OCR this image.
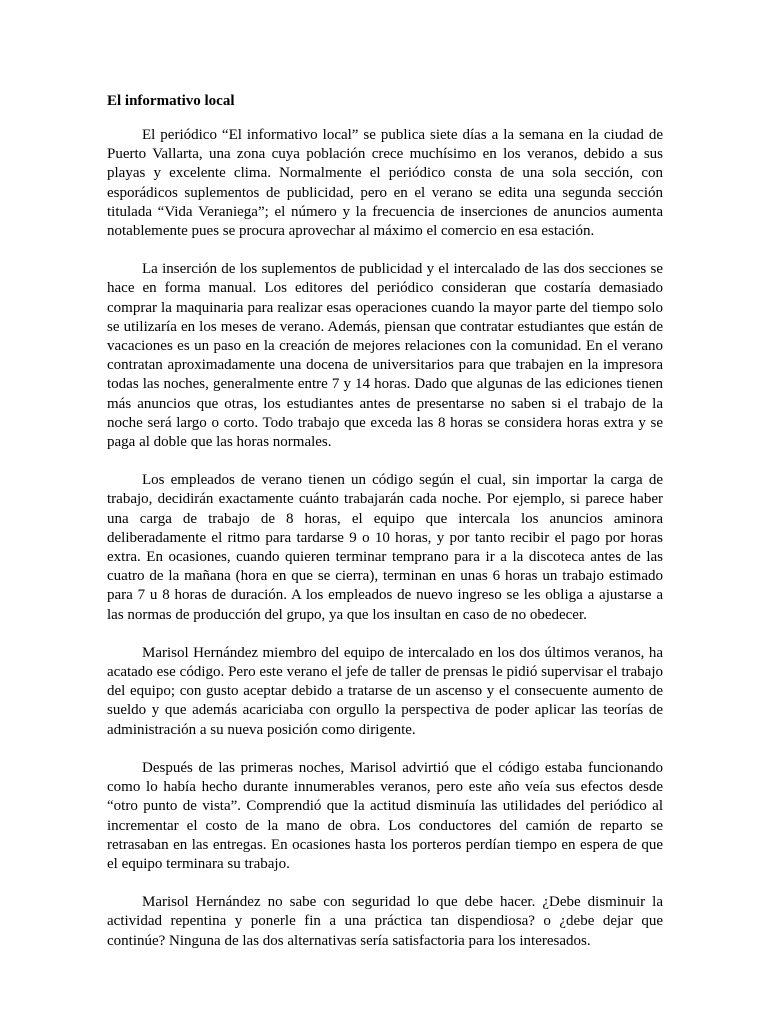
El informativo local

El periódico “El informativo local” se publica siete días a la semana en la ciudad de Puerto Vallarta, una zona cuya población crece muchísimo en los veranos, debido a sus playas y excelente clima. Normalmente el periódico consta de una sola sección, con esporádicos suplementos de publicidad, pero en el verano se edita una segunda sección titulada “Vida Veraniega”; el número y la frecuencia de inserciones de anuncios aumenta notablemente pues se procura aprovechar al máximo el comercio en esa estación.

La inserción de los suplementos de publicidad y el intercalado de las dos secciones se hace en forma manual. Los editores del periódico consideran que costaría demasiado comprar la maquinaria para realizar esas operaciones cuando la mayor parte del tiempo solo se utilizaría en los meses de verano. Además, piensan que contratar estudiantes que están de vacaciones es un paso en la creación de mejores relaciones con la comunidad. En el verano contratan aproximadamente una docena de universitarios para que trabajen en la impresora todas las noches, generalmente entre 7 y 14 horas. Dado que algunas de las ediciones tienen más anuncios que otras, los estudiantes antes de presentarse no saben si el trabajo de la noche será largo o corto. Todo trabajo que exceda las 8 horas se considera horas extra y se paga al doble que las horas normales.

Los empleados de verano tienen un código según el cual, sin importar la carga de trabajo, decidirán exactamente cuánto trabajarán cada noche. Por ejemplo, si parece haber una carga de trabajo de 8 horas, el equipo que intercala los anuncios aminora deliberadamente el ritmo para tardarse 9 o 10 horas, y por tanto recibir el pago por horas extra. En ocasiones, cuando quieren terminar temprano para ir a la discoteca antes de las cuatro de la mañana (hora en que se cierra), terminan en unas 6 horas un trabajo estimado para 7 u 8 horas de duración. A los empleados de nuevo ingreso se les obliga a ajustarse a las normas de producción del grupo, ya que los insultan en caso de no obedecer.

Marisol Hernández miembro del equipo de intercalado en los dos últimos veranos, ha acatado ese código. Pero este verano el jefe de taller de prensas le pidió supervisar el trabajo del equipo; con gusto aceptar debido a tratarse de un ascenso y el consecuente aumento de sueldo y que además acariciaba con orgullo la perspectiva de poder aplicar las teorías de administración a su nueva posición como dirigente.

Después de las primeras noches, Marisol advirtió que el código estaba funcionando como lo había hecho durante innumerables veranos, pero este año veía sus efectos desde “otro punto de vista”. Comprendió que la actitud disminuía las utilidades del periódico al incrementar el costo de la mano de obra. Los conductores del camión de reparto se retrasaban en las entregas. En ocasiones hasta los porteros perdían tiempo en espera de que el equipo terminara su trabajo.

Marisol Hernández no sabe con seguridad lo que debe hacer. ¿Debe disminuir la actividad repentina y ponerle fin a una práctica tan dispendiosa? o ¿debe dejar que continúe? Ninguna de las dos alternativas sería satisfactoria para los interesados.
